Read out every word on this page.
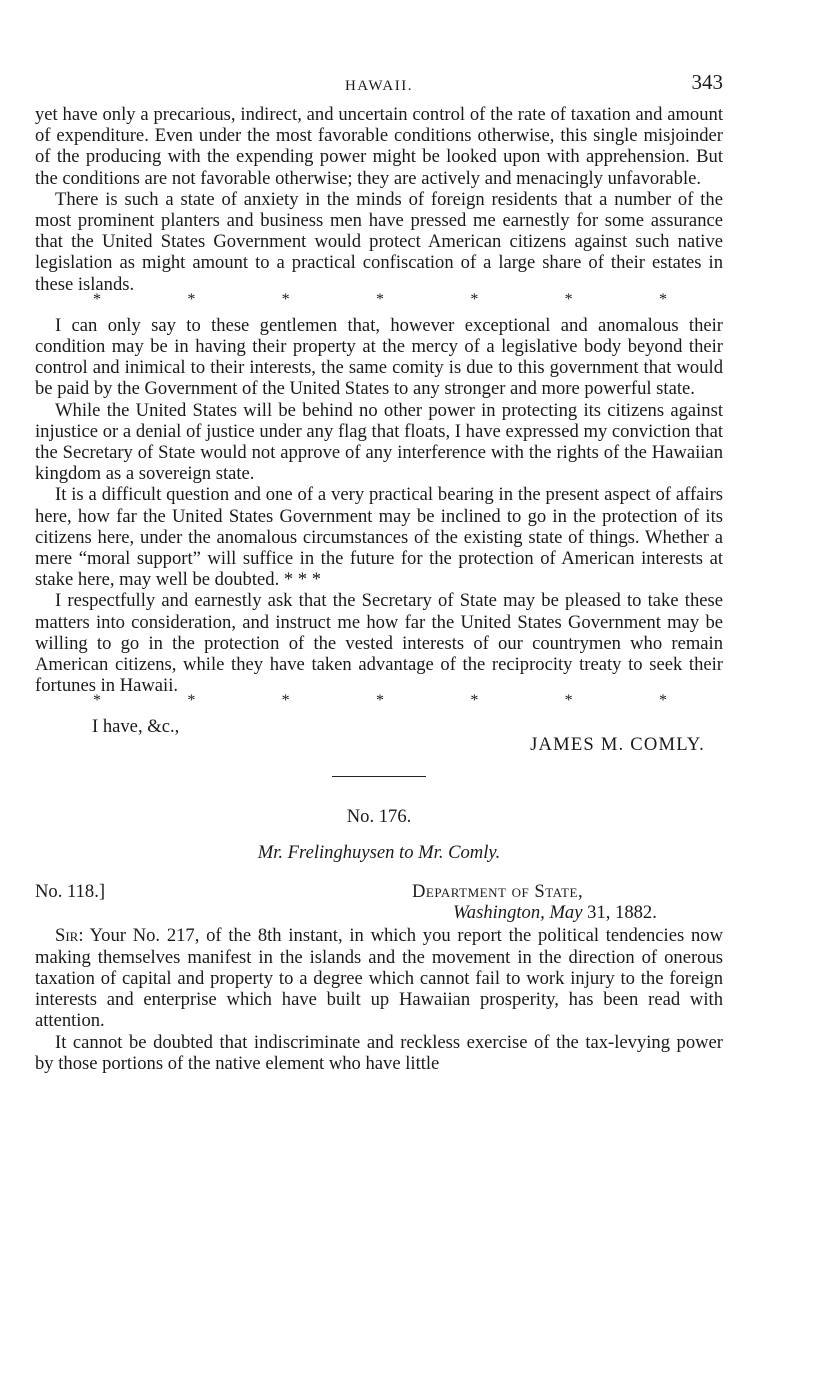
HAWAII.	343

yet have only a precarious, indirect, and uncertain control of the rate of taxation and amount of expenditure. Even under the most favorable conditions otherwise, this single misjoinder of the producing with the expending power might be looked upon with apprehension. But the conditions are not favorable otherwise; they are actively and menacingly unfavorable.

There is such a state of anxiety in the minds of foreign residents that a number of the most prominent planters and business men have pressed me earnestly for some assurance that the United States Government would protect American citizens against such native legislation as might amount to a practical confiscation of a large share of their estates in these islands.

*	*	*	*	*	*	*

I can only say to these gentlemen that, however exceptional and anomalous their condition may be in having their property at the mercy of a legislative body beyond their control and inimical to their interests, the same comity is due to this government that would be paid by the Government of the United States to any stronger and more powerful state.

While the United States will be behind no other power in protecting its citizens against injustice or a denial of justice under any flag that floats, I have expressed my conviction that the Secretary of State would not approve of any interference with the rights of the Hawaiian kingdom as a sovereign state.

It is a difficult question and one of a very practical bearing in the present aspect of affairs here, how far the United States Government may be inclined to go in the protection of its citizens here, under the anomalous circumstances of the existing state of things. Whether a mere “moral support” will suffice in the future for the protection of American interests at stake here, may well be doubted. * * *

I respectfully and earnestly ask that the Secretary of State may be pleased to take these matters into consideration, and instruct me how far the United States Government may be willing to go in the protection of the vested interests of our countrymen who remain American citizens, while they have taken advantage of the reciprocity treaty to seek their fortunes in Hawaii.

*	*	*	*	*	*	*
I have, &c.,
JAMES M. COMLY.
No. 176.
Mr. Frelinghuysen to Mr. Comly.
No. 118.]	Department of State,
Washington, May 31, 1882.

Sir: Your No. 217, of the 8th instant, in which you report the political tendencies now making themselves manifest in the islands and the movement in the direction of onerous taxation of capital and property to a degree which cannot fail to work injury to the foreign interests and enterprise which have built up Hawaiian prosperity, has been read with attention.

It cannot be doubted that indiscriminate and reckless exercise of the tax-levying power by those portions of the native element who have little
